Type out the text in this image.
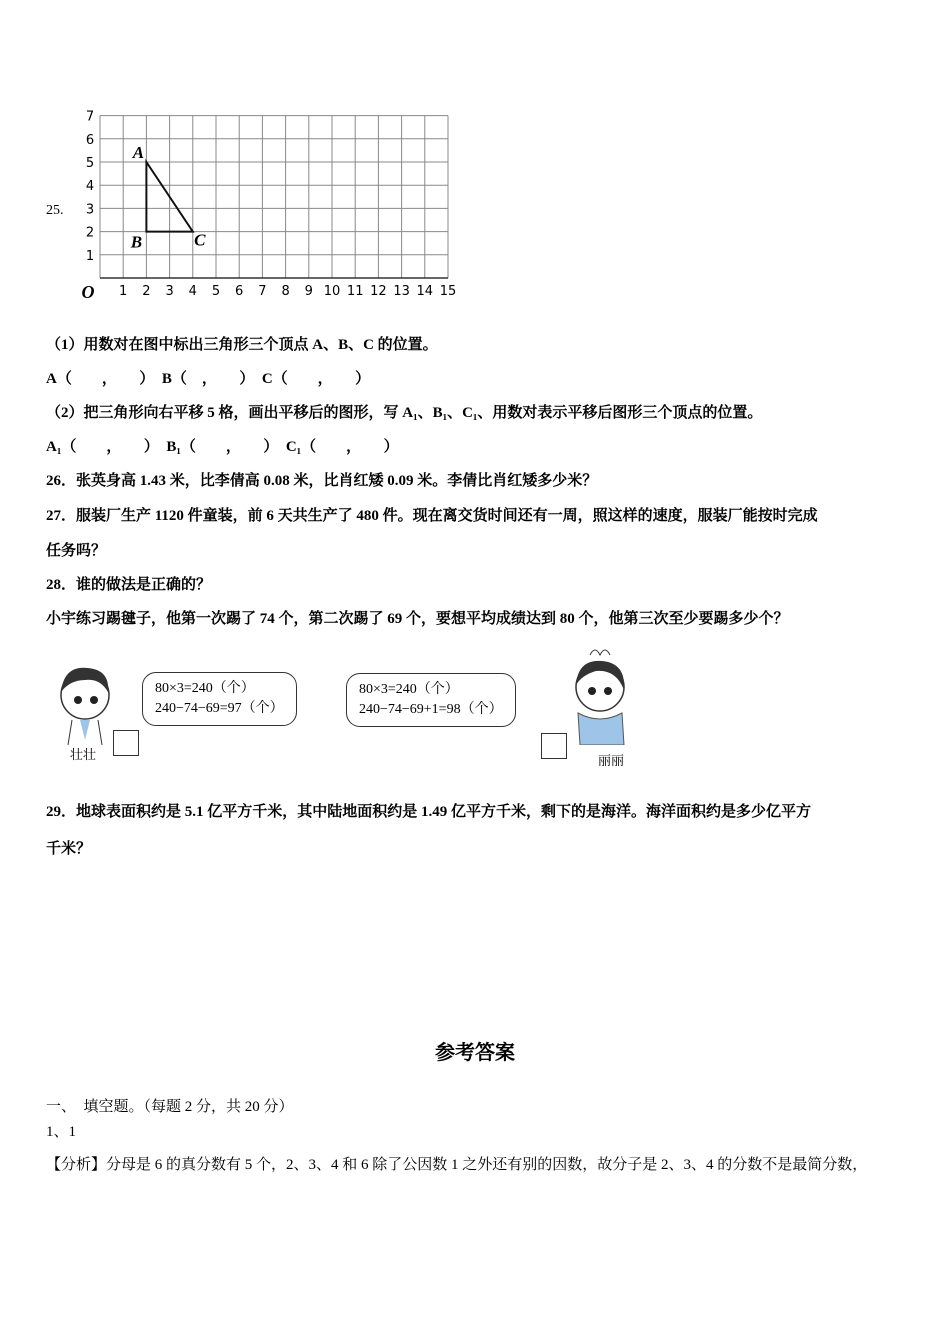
25.
1 2 3 4 5 6 7 8 9 10 11 12 13 14 15
1
2
3
4
5
6
7
O
A
B	C
（1）用数对在图中标出三角形三个顶点 A、B、C 的位置。
A（　　，　　）　B（　，　　）　C（　　，　　）
（2）把三角形向右平移 5 格，画出平移后的图形，写 A₁、B₁、C₁、用数对表示平移后图形三个顶点的位置。
A₁（　　，　　）　B₁（　　，　　）　C₁（　　，　　）
26．张英身高 1.43 米，比李倩高 0.08 米，比肖红矮 0.09 米。李倩比肖红矮多少米？
27．服装厂生产 1120 件童装，前 6 天共生产了 480 件。现在离交货时间还有一周，照这样的速度，服装厂能按时完成
任务吗？
28．谁的做法是正确的？
小宇练习踢毽子，他第一次踢了 74 个，第二次踢了 69 个，要想平均成绩达到 80 个，他第三次至少要踢多少个？
壮壮
80×3=240（个）
240−74−69=97（个）
80×3=240（个）
240−74−69+1=98（个）
丽丽
29．地球表面积约是 5.1 亿平方千米，其中陆地面积约是 1.49 亿平方千米，剩下的是海洋。海洋面积约是多少亿平方
千米？
参考答案
一、　填空题。（每题 2 分，共 20 分）
1、1
【分析】分母是 6 的真分数有 5 个，2、3、4 和 6 除了公因数 1 之外还有别的因数，故分子是 2、3、4 的分数不是最简分数，
